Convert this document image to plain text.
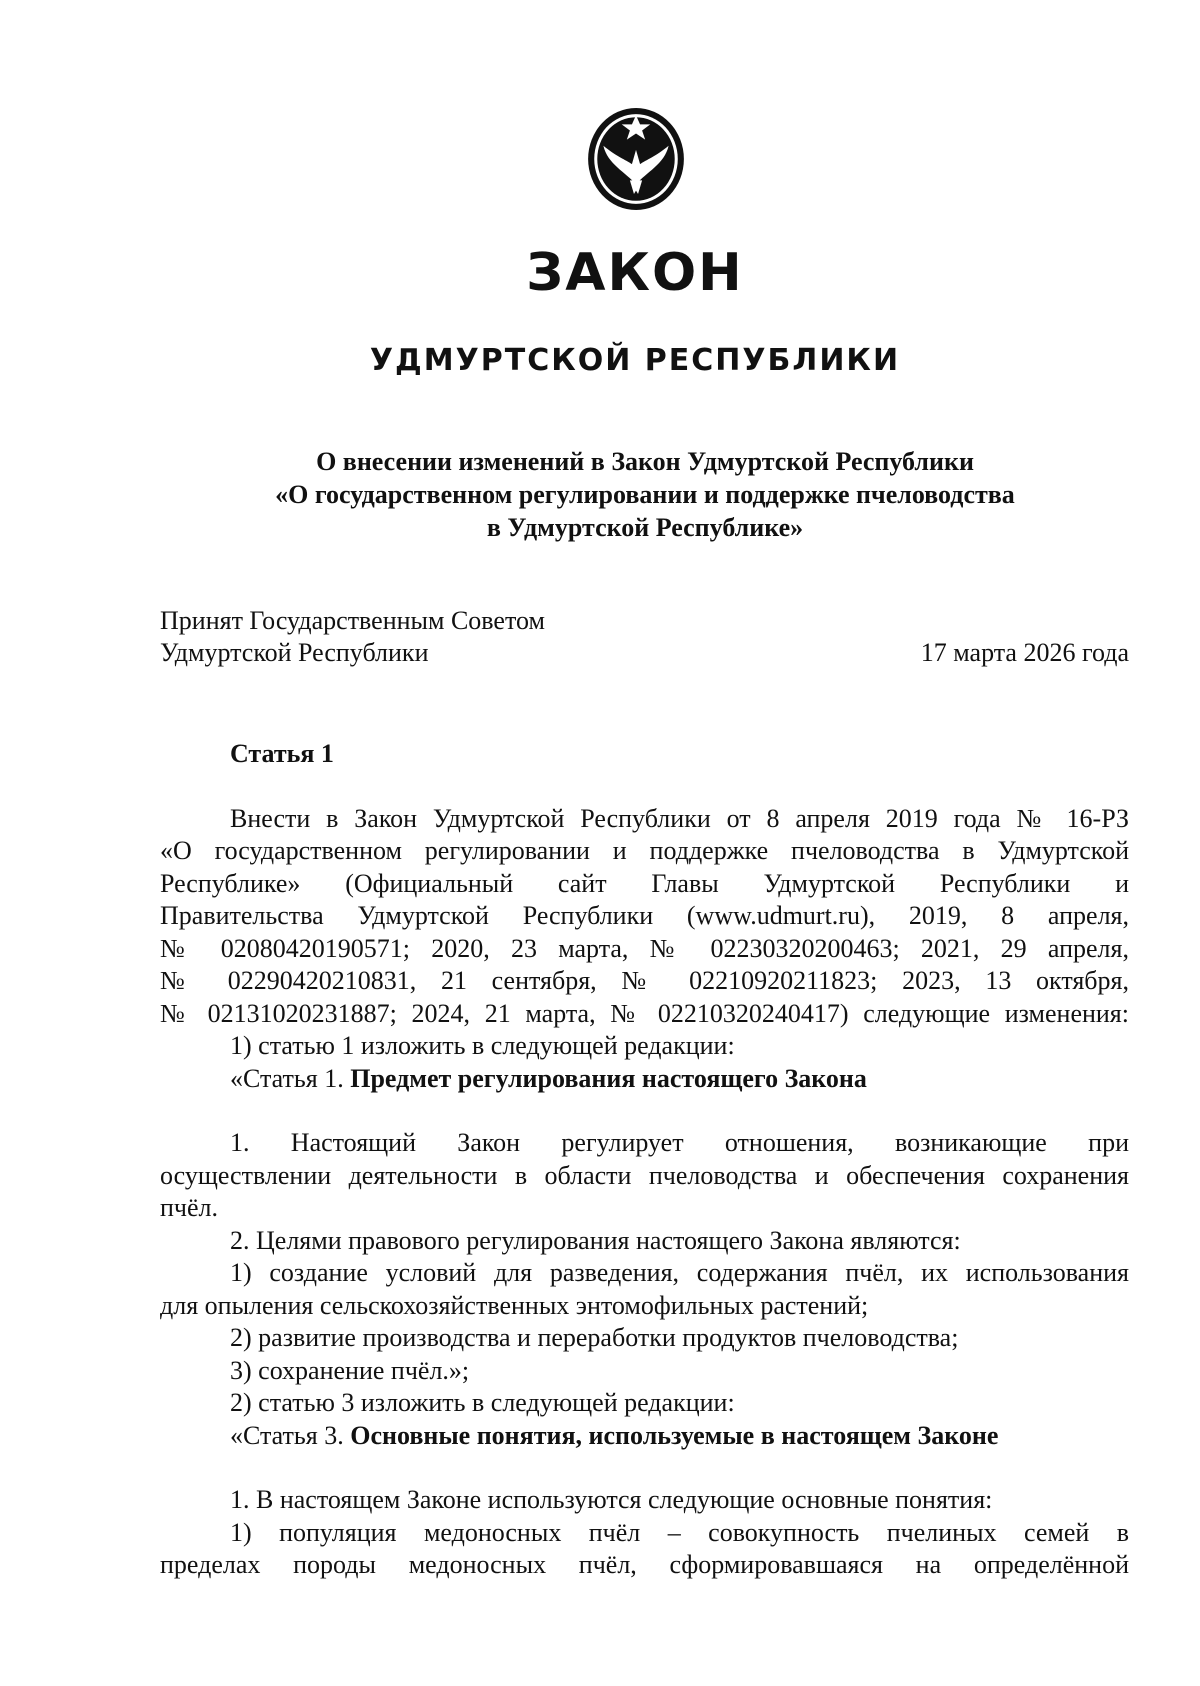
ЗАКОН
УДМУРТСКОЙ РЕСПУБЛИКИ
О внесении изменений в Закон Удмуртской Республики
«О государственном регулировании и поддержке пчеловодства
в Удмуртской Республике»
Принят Государственным Советом
Удмуртской Республики	17 марта 2026 года

Статья 1

Внести в Закон Удмуртской Республики от 8 апреля 2019 года № 16-РЗ

«О государственном регулировании и поддержке пчеловодства в Удмуртской

Республике» (Официальный сайт Главы Удмуртской Республики и

Правительства Удмуртской Республики (www.udmurt.ru), 2019, 8 апреля,

№ 02080420190571; 2020, 23 марта, № 02230320200463; 2021, 29 апреля,

№ 02290420210831, 21 сентября, № 02210920211823; 2023, 13 октября,

№ 02131020231887; 2024, 21 марта, № 02210320240417) следующие изменения:

1) статью 1 изложить в следующей редакции:

«Статья 1. Предмет регулирования настоящего Закона

1. Настоящий Закон регулирует отношения, возникающие при

осуществлении деятельности в области пчеловодства и обеспечения сохранения

пчёл.

2. Целями правового регулирования настоящего Закона являются:

1) создание условий для разведения, содержания пчёл, их использования

для опыления сельскохозяйственных энтомофильных растений;

2) развитие производства и переработки продуктов пчеловодства;

3) сохранение пчёл.»;

2) статью 3 изложить в следующей редакции:

«Статья 3. Основные понятия, используемые в настоящем Законе

1. В настоящем Законе используются следующие основные понятия:

1) популяция медоносных пчёл – совокупность пчелиных семей в

пределах породы медоносных пчёл, сформировавшаяся на определённой
